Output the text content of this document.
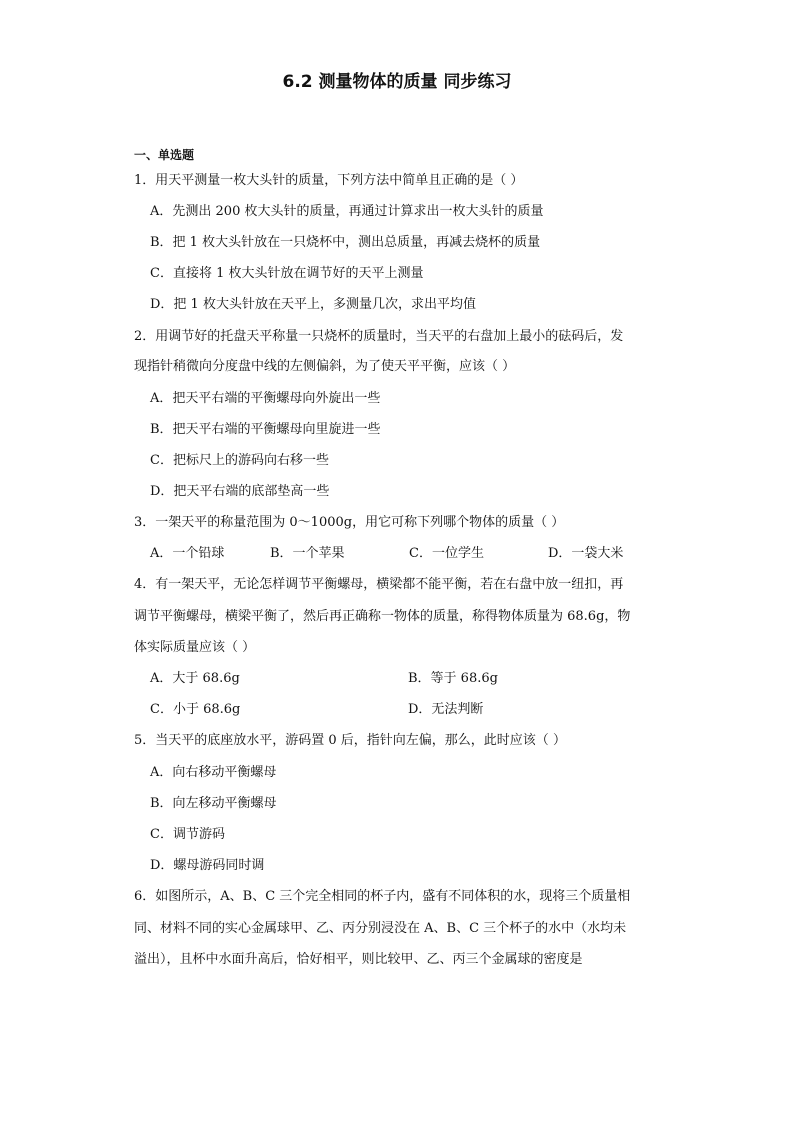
6.2 测量物体的质量 同步练习
一、单选题
1．用天平测量一枚大头针的质量，下列方法中简单且正确的是（ ）
A．先测出 200 枚大头针的质量，再通过计算求出一枚大头针的质量
B．把 1 枚大头针放在一只烧杯中，测出总质量，再减去烧杯的质量
C．直接将 1 枚大头针放在调节好的天平上测量
D．把 1 枚大头针放在天平上，多测量几次，求出平均值
2．用调节好的托盘天平称量一只烧杯的质量时，当天平的右盘加上最小的砝码后，发
现指针稍微向分度盘中线的左侧偏斜，为了使天平平衡，应该（ ）
A．把天平右端的平衡螺母向外旋出一些
B．把天平右端的平衡螺母向里旋进一些
C．把标尺上的游码向右移一些
D．把天平右端的底部垫高一些
3．一架天平的称量范围为 0～1000g，用它可称下列哪个物体的质量（ ）
A．一个铅球	B．一个苹果	C．一位学生	D．一袋大米
4．有一架天平，无论怎样调节平衡螺母，横梁都不能平衡，若在右盘中放一纽扣，再
调节平衡螺母，横梁平衡了，然后再正确称一物体的质量，称得物体质量为 68.6g，物
体实际质量应该（ ）
A．大于 68.6g	B．等于 68.6g
C．小于 68.6g	D．无法判断
5．当天平的底座放水平，游码置 0 后，指针向左偏，那么，此时应该（ ）
A．向右移动平衡螺母
B．向左移动平衡螺母
C．调节游码
D．螺母游码同时调
6．如图所示，A、B、C 三个完全相同的杯子内，盛有不同体积的水，现将三个质量相
同、材料不同的实心金属球甲、乙、丙分别浸没在 A、B、C 三个杯子的水中（水均未
溢出），且杯中水面升高后，恰好相平，则比较甲、乙、丙三个金属球的密度是
